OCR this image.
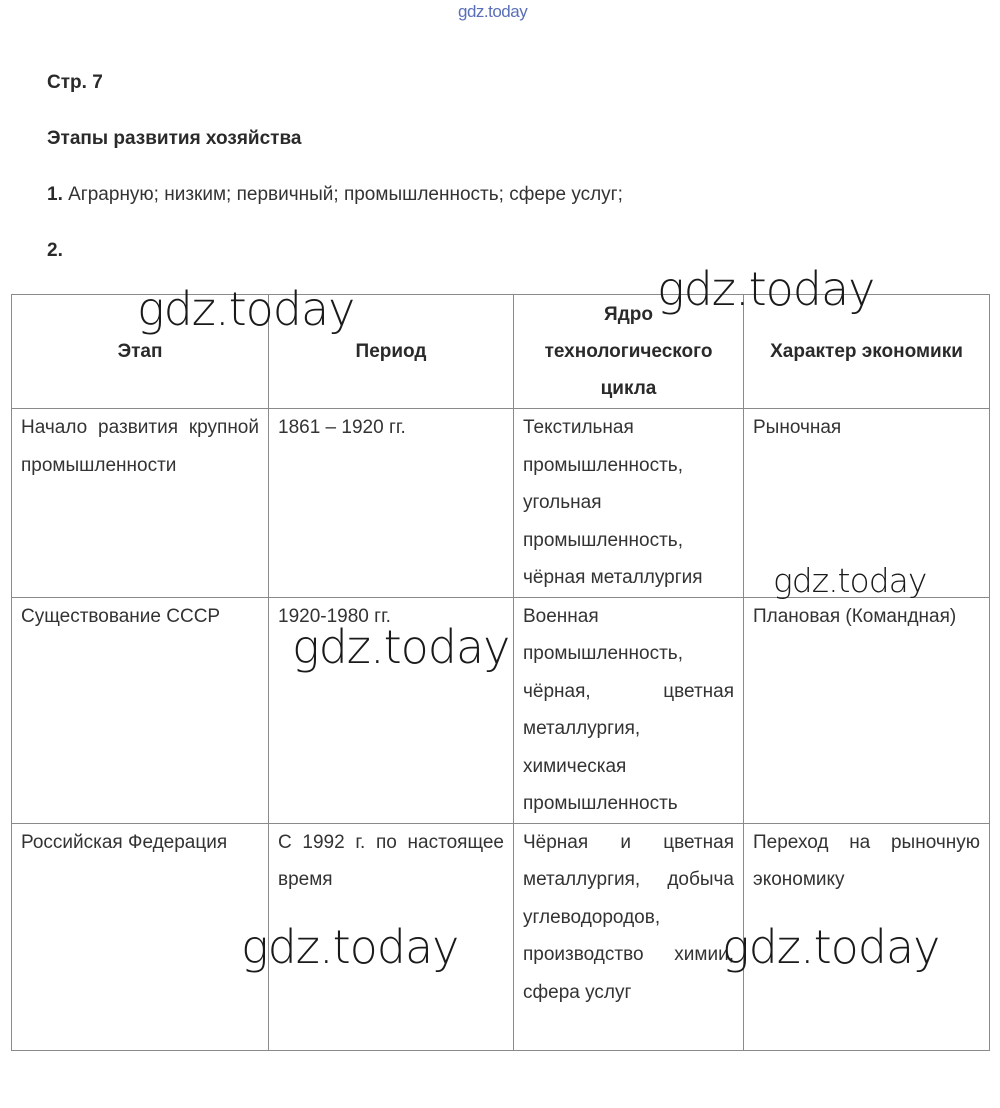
gdz.today
Стр. 7
Этапы развития хозяйства
1. Аграрную; низким; первичный; промышленность; сфере услуг;
2.
Этап	Период	Ядро технологического цикла	Характер экономики
Начало развития крупной промышленности	1861 – 1920 гг.	Текстильная промышленность, угольная промышленность, чёрная металлургия	Рыночная
Существование СССР	1920-1980 гг.	Военная промышленность, чёрная, цветная металлургия, химическая промышленность	Плановая (Командная)
Российская Федерация	С 1992 г. по настоящее время	Чёрная и цветная металлургия, добыча углеводородов, производство химии, сфера услуг	Переход на рыночную экономику
gdz.today	gdz.today
gdz.today
gdz.today
gdz.today	gdz.today
